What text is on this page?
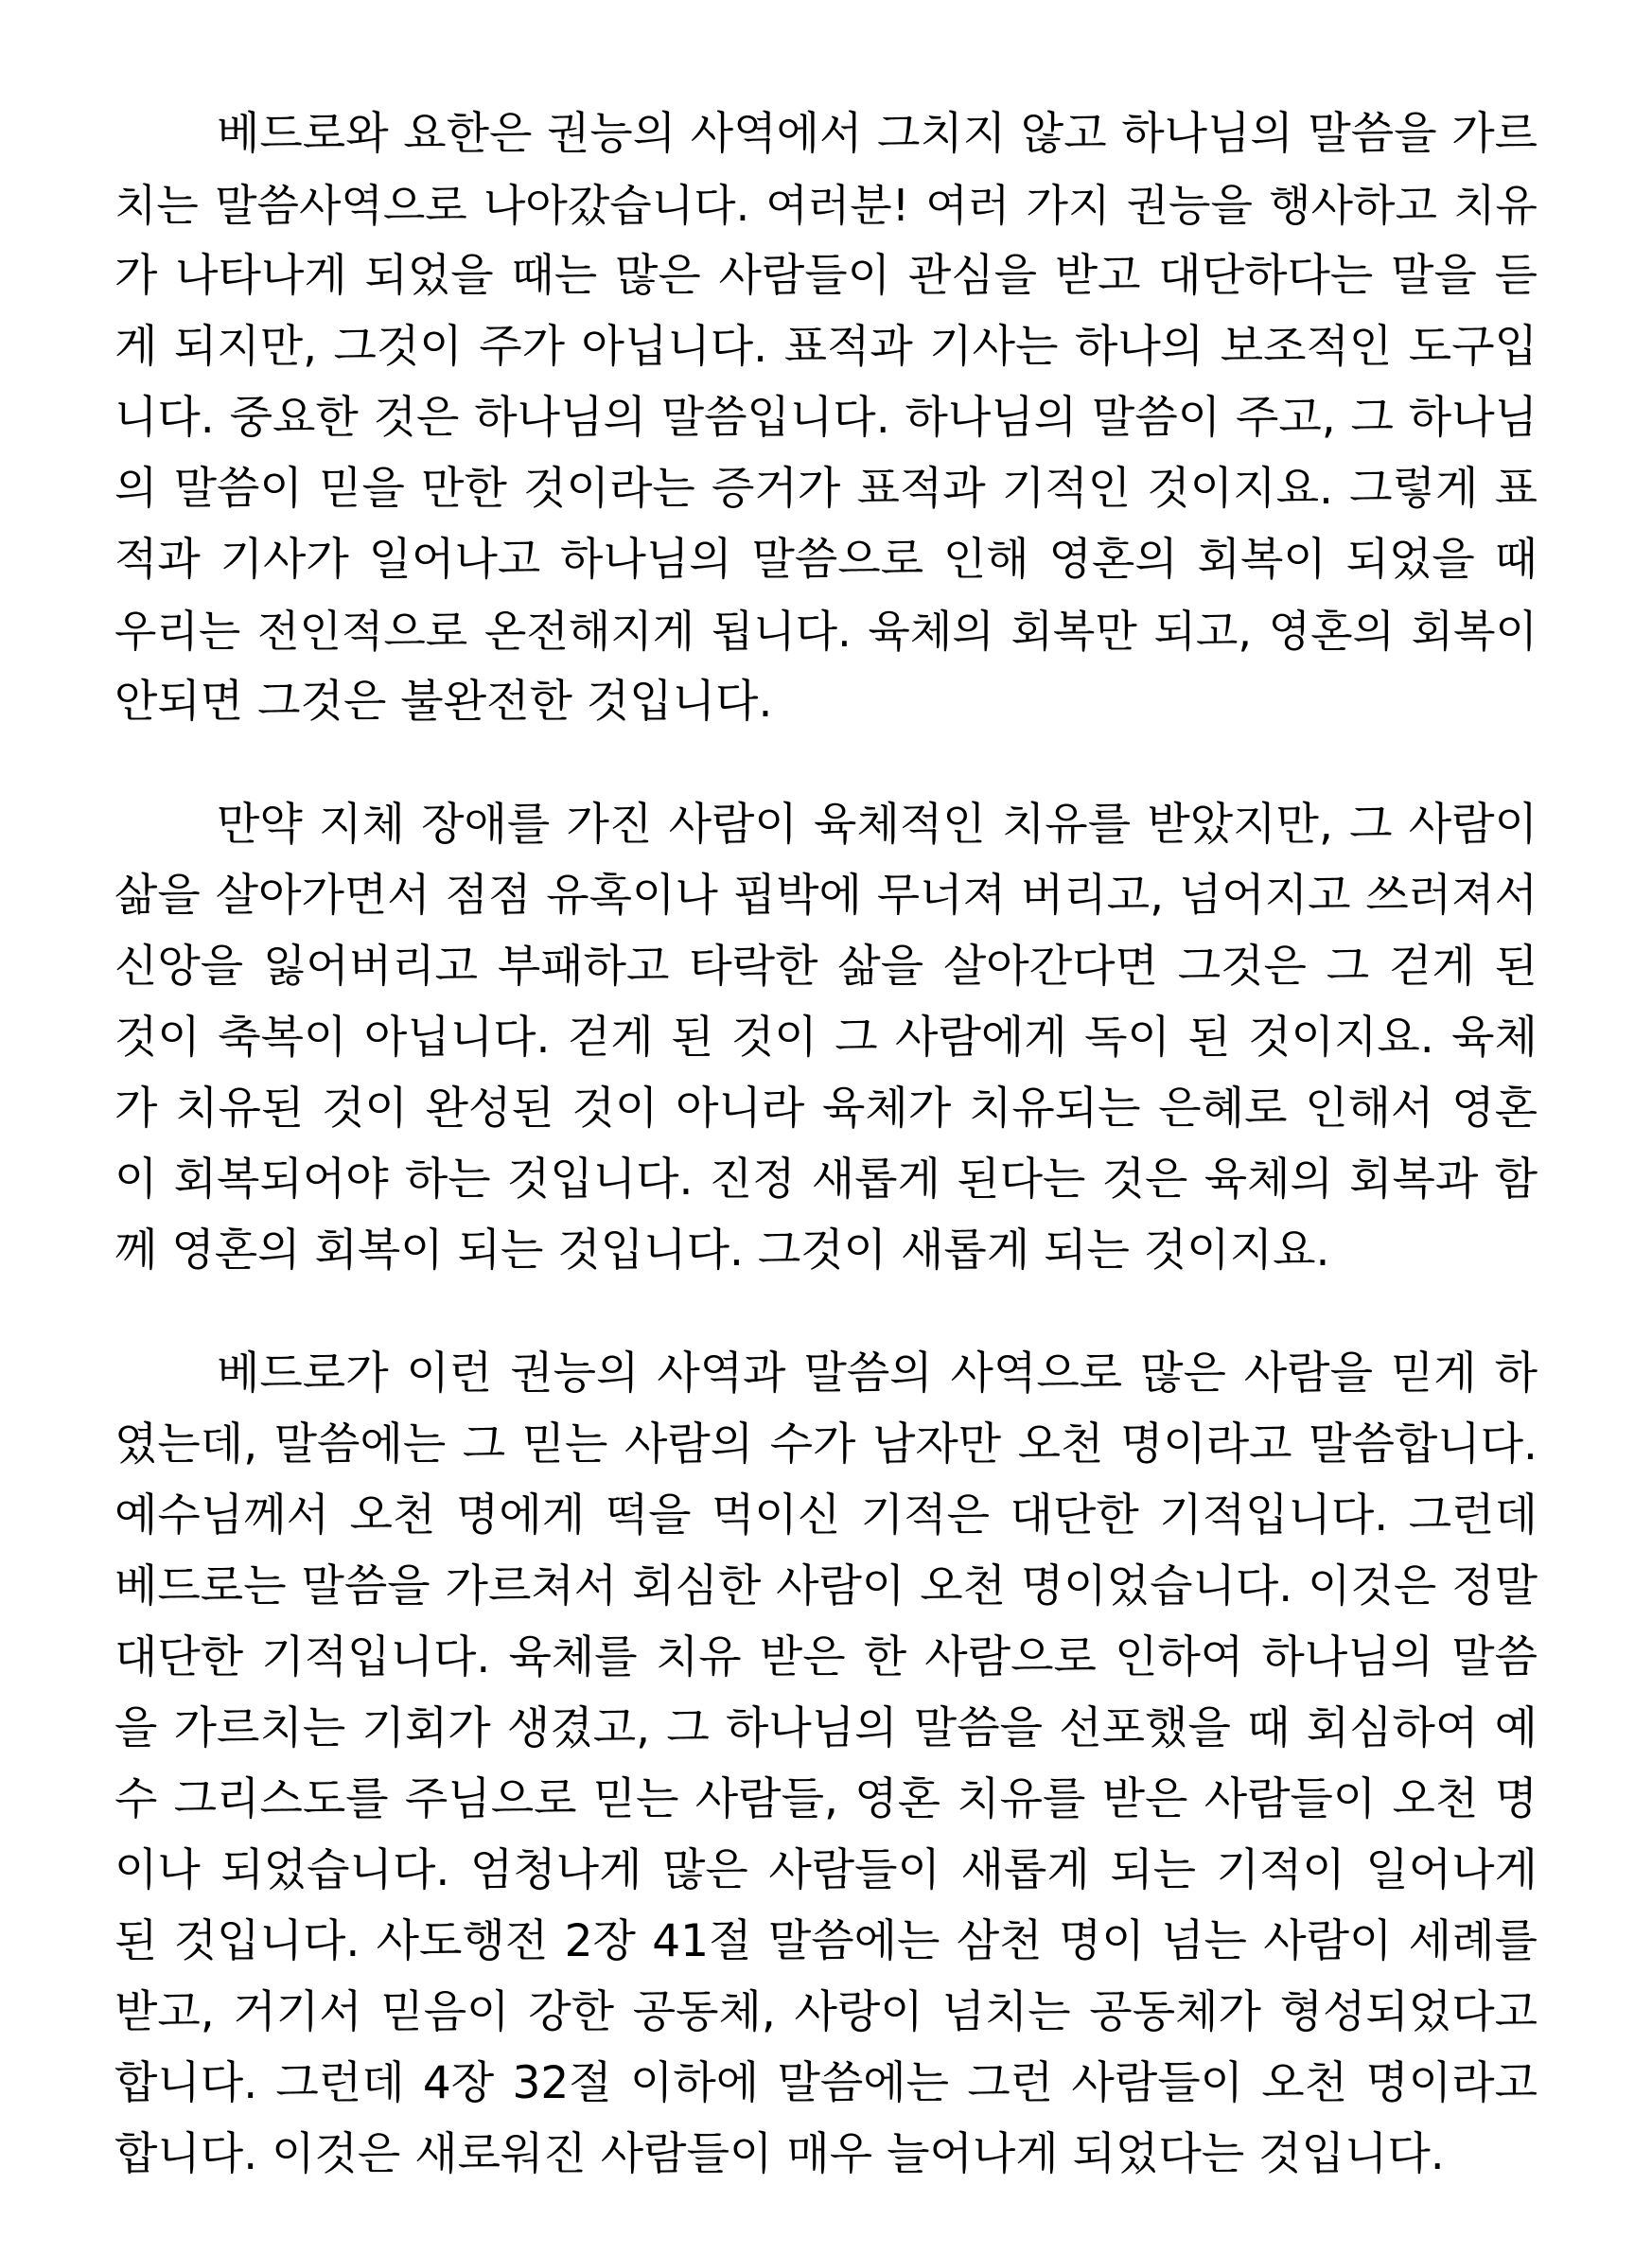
베드로와 요한은 권능의 사역에서 그치지 않고 하나님의 말씀을 가르
치는 말씀사역으로 나아갔습니다. 여러분! 여러 가지 권능을 행사하고 치유
가 나타나게 되었을 때는 많은 사람들이 관심을 받고 대단하다는 말을 듣
게 되지만, 그것이 주가 아닙니다. 표적과 기사는 하나의 보조적인 도구입
니다. 중요한 것은 하나님의 말씀입니다. 하나님의 말씀이 주고, 그 하나님
의 말씀이 믿을 만한 것이라는 증거가 표적과 기적인 것이지요. 그렇게 표
적과 기사가 일어나고 하나님의 말씀으로 인해 영혼의 회복이 되었을 때
우리는 전인적으로 온전해지게 됩니다. 육체의 회복만 되고, 영혼의 회복이
안되면 그것은 불완전한 것입니다.
만약 지체 장애를 가진 사람이 육체적인 치유를 받았지만, 그 사람이
삶을 살아가면서 점점 유혹이나 핍박에 무너져 버리고, 넘어지고 쓰러져서
신앙을 잃어버리고 부패하고 타락한 삶을 살아간다면 그것은 그 걷게 된
것이 축복이 아닙니다. 걷게 된 것이 그 사람에게 독이 된 것이지요. 육체
가 치유된 것이 완성된 것이 아니라 육체가 치유되는 은혜로 인해서 영혼
이 회복되어야 하는 것입니다. 진정 새롭게 된다는 것은 육체의 회복과 함
께 영혼의 회복이 되는 것입니다. 그것이 새롭게 되는 것이지요.
베드로가 이런 권능의 사역과 말씀의 사역으로 많은 사람을 믿게 하
였는데, 말씀에는 그 믿는 사람의 수가 남자만 오천 명이라고 말씀합니다.
예수님께서 오천 명에게 떡을 먹이신 기적은 대단한 기적입니다. 그런데
베드로는 말씀을 가르쳐서 회심한 사람이 오천 명이었습니다. 이것은 정말
대단한 기적입니다. 육체를 치유 받은 한 사람으로 인하여 하나님의 말씀
을 가르치는 기회가 생겼고, 그 하나님의 말씀을 선포했을 때 회심하여 예
수 그리스도를 주님으로 믿는 사람들, 영혼 치유를 받은 사람들이 오천 명
이나 되었습니다. 엄청나게 많은 사람들이 새롭게 되는 기적이 일어나게
된 것입니다. 사도행전 2장 41절 말씀에는 삼천 명이 넘는 사람이 세례를
받고, 거기서 믿음이 강한 공동체, 사랑이 넘치는 공동체가 형성되었다고
합니다. 그런데 4장 32절 이하에 말씀에는 그런 사람들이 오천 명이라고
합니다. 이것은 새로워진 사람들이 매우 늘어나게 되었다는 것입니다.
